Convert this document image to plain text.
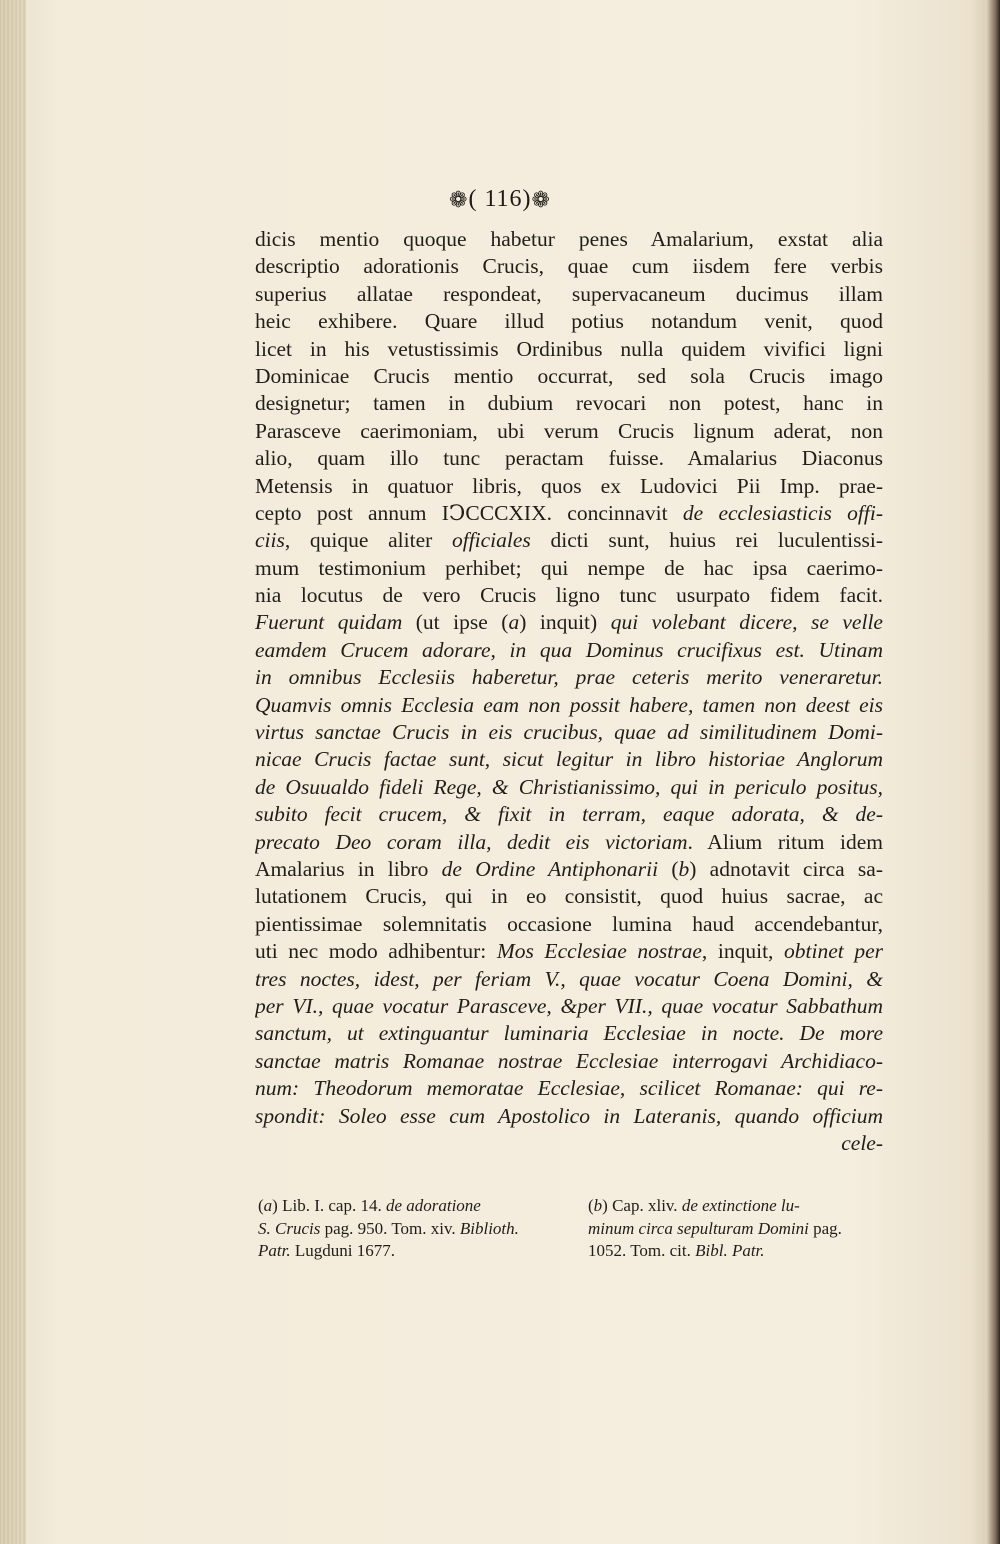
❁( 116)❁
dicis mentio quoque habetur penes Amalarium, exstat alia
descriptio adorationis Crucis, quae cum iisdem fere verbis
superius allatae respondeat, supervacaneum ducimus illam
heic exhibere. Quare illud potius notandum venit, quod
licet in his vetustissimis Ordinibus nulla quidem vivifici ligni
Dominicae Crucis mentio occurrat, sed sola Crucis imago
designetur; tamen in dubium revocari non potest, hanc in
Parasceve caerimoniam, ubi verum Crucis lignum aderat, non
alio, quam illo tunc peractam fuisse. Amalarius Diaconus
Metensis in quatuor libris, quos ex Ludovici Pii Imp. prae-
cepto post annum IↃCCCXIX. concinnavit de ecclesiasticis offi-
ciis, quique aliter officiales dicti sunt, huius rei luculentissi-
mum testimonium perhibet; qui nempe de hac ipsa caerimo-
nia locutus de vero Crucis ligno tunc usurpato fidem facit.
Fuerunt quidam (ut ipse (a) inquit) qui volebant dicere, se velle
eamdem Crucem adorare, in qua Dominus crucifixus est. Utinam
in omnibus Ecclesiis haberetur, prae ceteris merito veneraretur.
Quamvis omnis Ecclesia eam non possit habere, tamen non deest eis
virtus sanctae Crucis in eis crucibus, quae ad similitudinem Domi-
nicae Crucis factae sunt, sicut legitur in libro historiae Anglorum
de Osuualdo fideli Rege, & Christianissimo, qui in periculo positus,
subito fecit crucem, & fixit in terram, eaque adorata, & de-
precato Deo coram illa, dedit eis victoriam. Alium ritum idem
Amalarius in libro de Ordine Antiphonarii (b) adnotavit circa sa-
lutationem Crucis, qui in eo consistit, quod huius sacrae, ac
pientissimae solemnitatis occasione lumina haud accendebantur,
uti nec modo adhibentur: Mos Ecclesiae nostrae, inquit, obtinet per
tres noctes, idest, per feriam V., quae vocatur Coena Domini, &
per VI., quae vocatur Parasceve, &per VII., quae vocatur Sabbathum
sanctum, ut extinguantur luminaria Ecclesiae in nocte. De more
sanctae matris Romanae nostrae Ecclesiae interrogavi Archidiaco-
num: Theodorum memoratae Ecclesiae, scilicet Romanae: qui re-
spondit: Soleo esse cum Apostolico in Lateranis, quando officium
cele-
(a) Lib. I. cap. 14. de adoratione
S. Crucis pag. 950. Tom. xiv. Biblioth.
Patr. Lugduni 1677.
(b) Cap. xliv. de extinctione lu-
minum circa sepulturam Domini pag.
1052. Tom. cit. Bibl. Patr.
